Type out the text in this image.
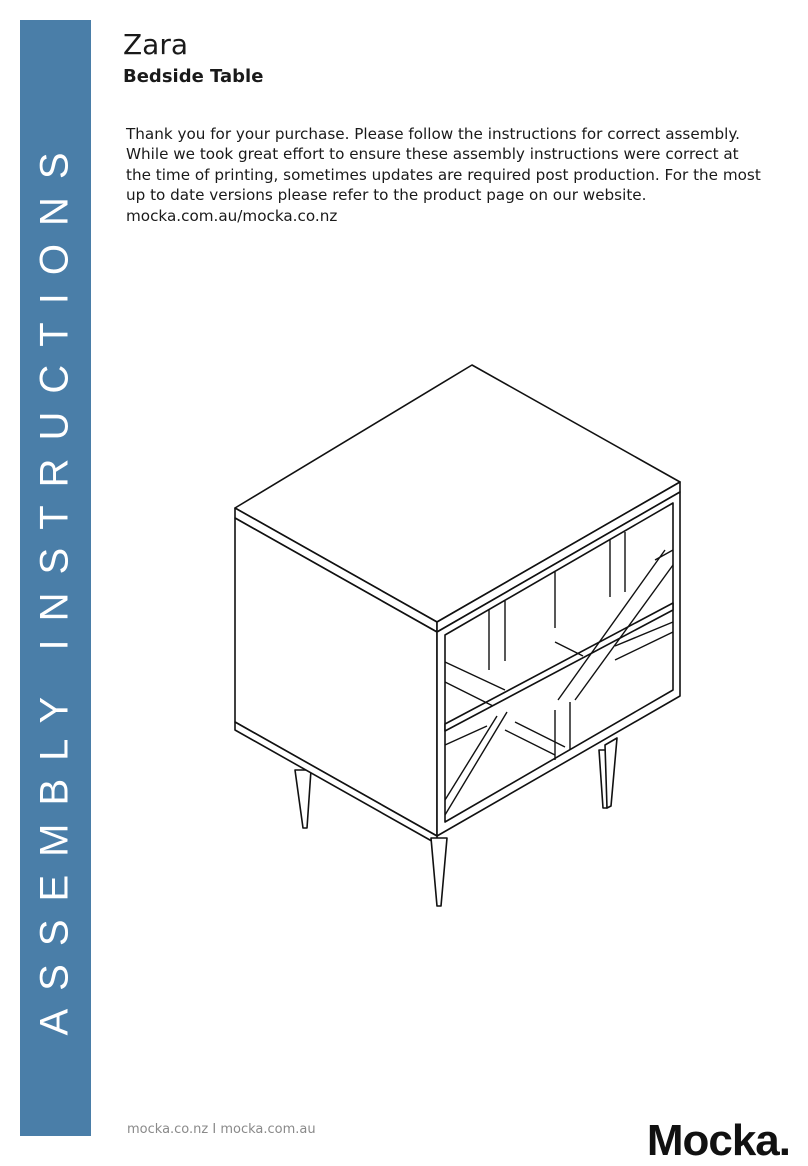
ASSEMBLY INSTRUCTIONS
Zara
Bedside Table

Thank you for your purchase. Please follow the instructions for correct assembly. While we took great effort to ensure these assembly instructions were correct at the time of printing, sometimes updates are required post production. For the most up to date versions please refer to the product page on our website. mocka.com.au/mocka.co.nz

mocka.co.nz I mocka.com.au	Mocka.
